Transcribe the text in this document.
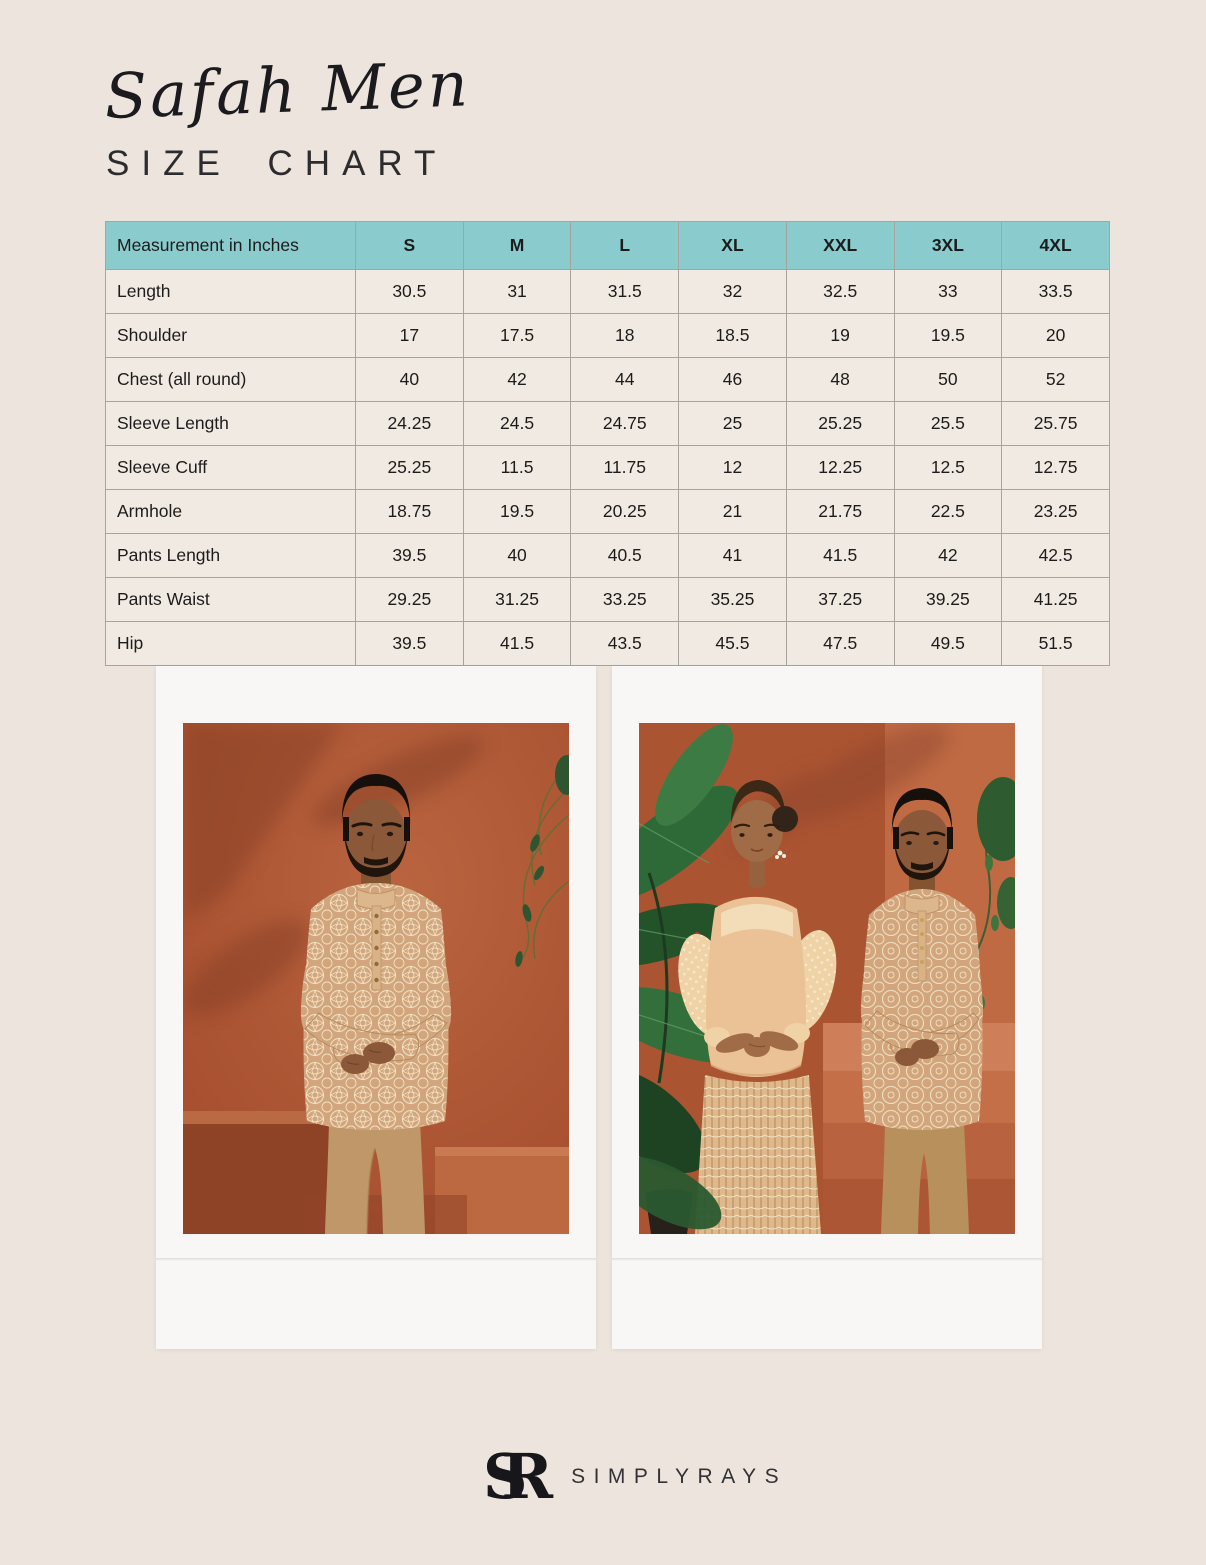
Safah Men
SIZE CHART
Measurement in Inches	S	M	L	XL	XXL	3XL	4XL
Length	30.5	31	31.5	32	32.5	33	33.5
Shoulder	17	17.5	18	18.5	19	19.5	20
Chest (all round)	40	42	44	46	48	50	52
Sleeve Length	24.25	24.5	24.75	25	25.25	25.5	25.75
Sleeve Cuff	25.25	11.5	11.75	12	12.25	12.5	12.75
Armhole	18.75	19.5	20.25	21	21.75	22.5	23.25
Pants Length	39.5	40	40.5	41	41.5	42	42.5
Pants Waist	29.25	31.25	33.25	35.25	37.25	39.25	41.25
Hip	39.5	41.5	43.5	45.5	47.5	49.5	51.5
SR	SIMPLYRAYS
